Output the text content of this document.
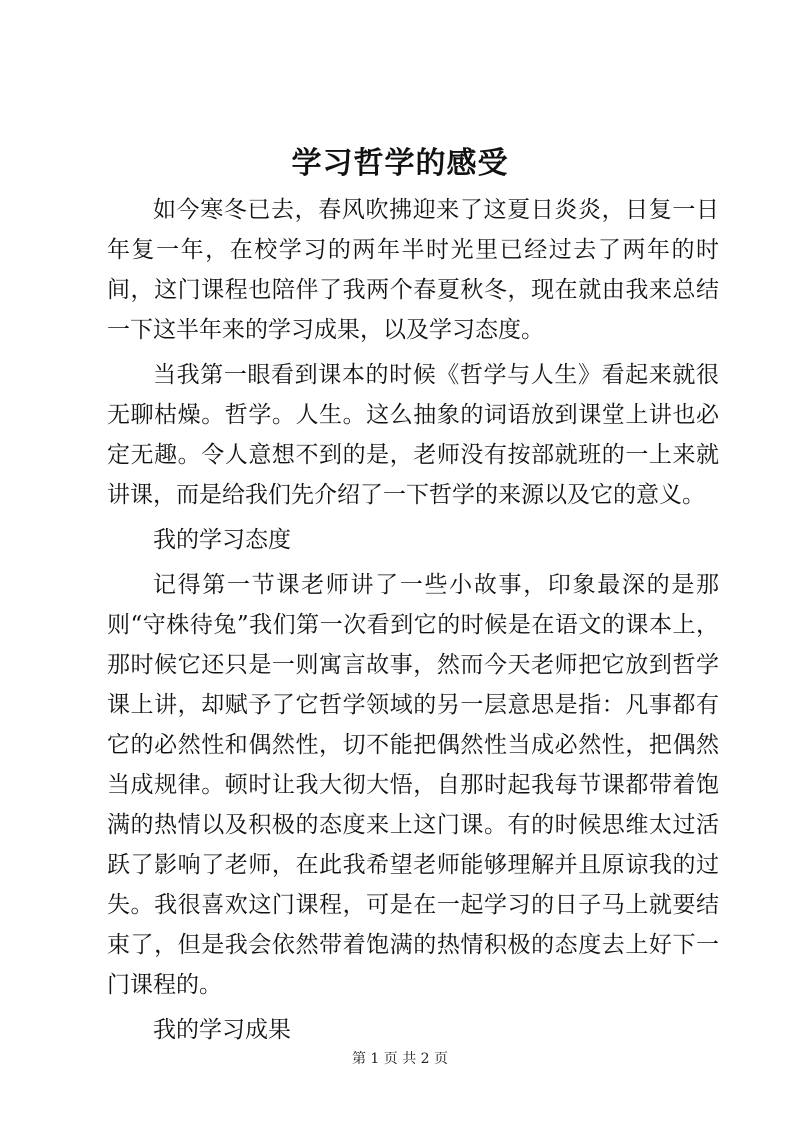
学习哲学的感受

如今寒冬已去，春风吹拂迎来了这夏日炎炎，日复一日年复一年，在校学习的两年半时光里已经过去了两年的时间，这门课程也陪伴了我两个春夏秋冬，现在就由我来总结一下这半年来的学习成果，以及学习态度。

当我第一眼看到课本的时候《哲学与人生》看起来就很无聊枯燥。哲学。人生。这么抽象的词语放到课堂上讲也必定无趣。令人意想不到的是，老师没有按部就班的一上来就讲课，而是给我们先介绍了一下哲学的来源以及它的意义。

我的学习态度

记得第一节课老师讲了一些小故事，印象最深的是那则“守株待兔”我们第一次看到它的时候是在语文的课本上，那时候它还只是一则寓言故事，然而今天老师把它放到哲学课上讲，却赋予了它哲学领域的另一层意思是指：凡事都有它的必然性和偶然性，切不能把偶然性当成必然性，把偶然当成规律。顿时让我大彻大悟，自那时起我每节课都带着饱满的热情以及积极的态度来上这门课。有的时候思维太过活跃了影响了老师，在此我希望老师能够理解并且原谅我的过失。我很喜欢这门课程，可是在一起学习的日子马上就要结束了，但是我会依然带着饱满的热情积极的态度去上好下一门课程的。

我的学习成果

第 1 页 共 2 页
